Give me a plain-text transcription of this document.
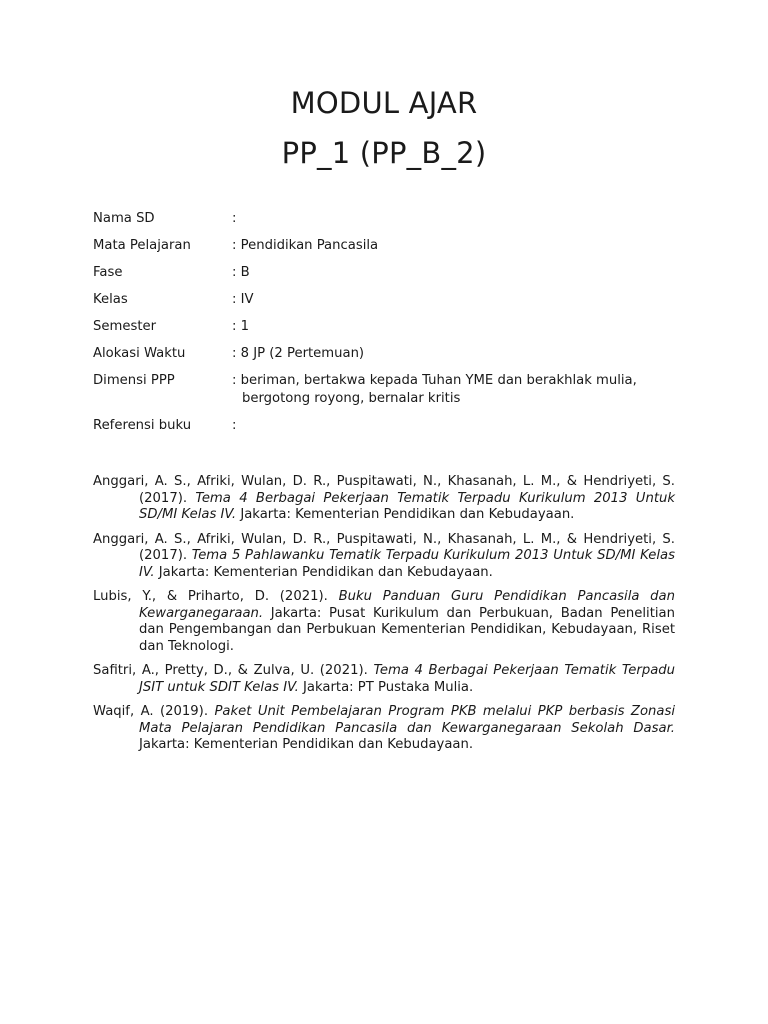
MODUL AJAR
PP_1 (PP_B_2)
Nama SD	:
Mata Pelajaran	: Pendidikan Pancasila
Fase	: B
Kelas	: IV
Semester	: 1
Alokasi Waktu	: 8 JP (2 Pertemuan)
Dimensi PPP	: beriman, bertakwa kepada Tuhan YME dan berakhlak mulia,
bergotong royong, bernalar kritis
Referensi buku	:
Anggari, A. S., Afriki, Wulan, D. R., Puspitawati, N., Khasanah, L. M., & Hendriyeti, S. (2017). Tema 4 Berbagai Pekerjaan Tematik Terpadu Kurikulum 2013 Untuk SD/MI Kelas IV. Jakarta: Kementerian Pendidikan dan Kebudayaan.
Anggari, A. S., Afriki, Wulan, D. R., Puspitawati, N., Khasanah, L. M., & Hendriyeti, S. (2017). Tema 5 Pahlawanku Tematik Terpadu Kurikulum 2013 Untuk SD/MI Kelas IV. Jakarta: Kementerian Pendidikan dan Kebudayaan.
Lubis, Y., & Priharto, D. (2021). Buku Panduan Guru Pendidikan Pancasila dan Kewarganegaraan. Jakarta: Pusat Kurikulum dan Perbukuan, Badan Penelitian dan Pengembangan dan Perbukuan Kementerian Pendidikan, Kebudayaan, Riset dan Teknologi.
Safitri, A., Pretty, D., & Zulva, U. (2021). Tema 4 Berbagai Pekerjaan Tematik Terpadu JSIT untuk SDIT Kelas IV. Jakarta: PT Pustaka Mulia.
Waqif, A. (2019). Paket Unit Pembelajaran Program PKB melalui PKP berbasis Zonasi Mata Pelajaran Pendidikan Pancasila dan Kewarganegaraan Sekolah Dasar. Jakarta: Kementerian Pendidikan dan Kebudayaan.
